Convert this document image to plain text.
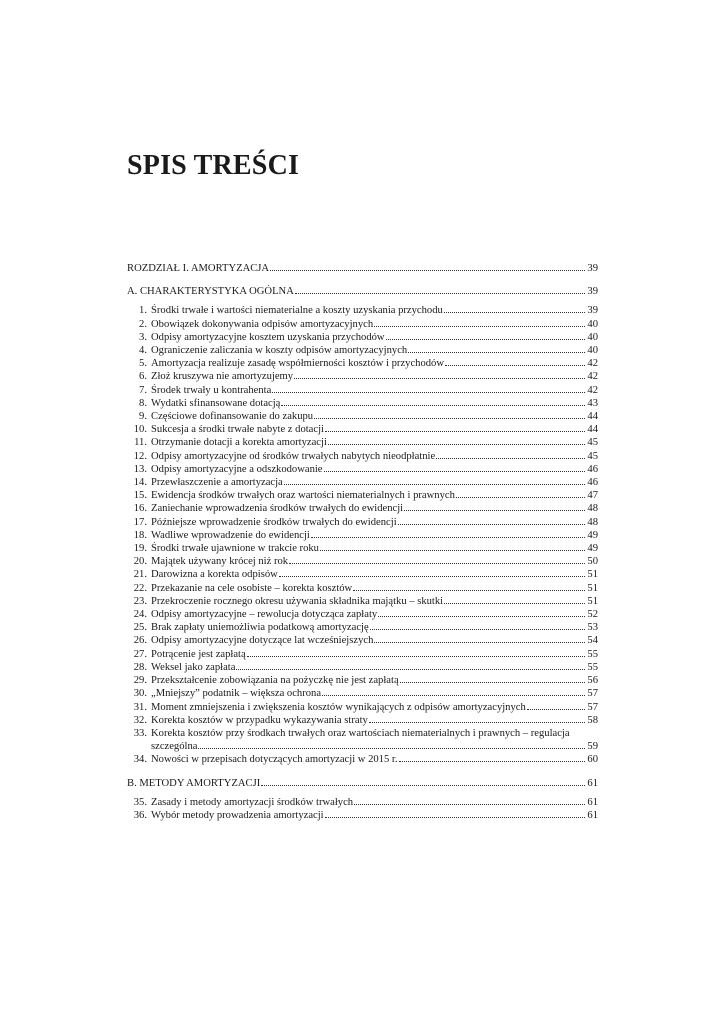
SPIS TREŚCI
ROZDZIAŁ I. AMORTYZACJA	39
A. CHARAKTERYSTYKA OGÓLNA	39
1. Środki trwałe i wartości niematerialne a koszty uzyskania przychodu	39
2. Obowiązek dokonywania odpisów amortyzacyjnych	40
3. Odpisy amortyzacyjne kosztem uzyskania przychodów	40
4. Ograniczenie zaliczania w koszty odpisów amortyzacyjnych	40
5. Amortyzacja realizuje zasadę współmierności kosztów i przychodów	42
6. Złoż kruszywa nie amortyzujemy	42
7. Środek trwały u kontrahenta	42
8. Wydatki sfinansowane dotacją	43
9. Częściowe dofinansowanie do zakupu	44
10. Sukcesja a środki trwałe nabyte z dotacji	44
11. Otrzymanie dotacji a korekta amortyzacji	45
12. Odpisy amortyzacyjne od środków trwałych nabytych nieodpłatnie	45
13. Odpisy amortyzacyjne a odszkodowanie	46
14. Przewłaszczenie a amortyzacja	46
15. Ewidencja środków trwałych oraz wartości niematerialnych i prawnych	47
16. Zaniechanie wprowadzenia środków trwałych do ewidencji	48
17. Późniejsze wprowadzenie środków trwałych do ewidencji	48
18. Wadliwe wprowadzenie do ewidencji	49
19. Środki trwałe ujawnione w trakcie roku	49
20. Majątek używany krócej niż rok	50
21. Darowizna a korekta odpisów	51
22. Przekazanie na cele osobiste – korekta kosztów	51
23. Przekroczenie rocznego okresu używania składnika majątku – skutki	51
24. Odpisy amortyzacyjne – rewolucja dotycząca zapłaty	52
25. Brak zapłaty uniemożliwia podatkową amortyzację	53
26. Odpisy amortyzacyjne dotyczące lat wcześniejszych	54
27. Potrącenie jest zapłatą	55
28. Weksel jako zapłata	55
29. Przekształcenie zobowiązania na pożyczkę nie jest zapłatą	56
30. „Mniejszy” podatnik – większa ochrona	57
31. Moment zmniejszenia i zwiększenia kosztów wynikających z odpisów amortyzacyjnych	57
32. Korekta kosztów w przypadku wykazywania straty	58
33. Korekta kosztów przy środkach trwałych oraz wartościach niematerialnych i prawnych – regulacja
szczególna	59
34. Nowości w przepisach dotyczących amortyzacji w 2015 r.	60
B. METODY AMORTYZACJI	61
35. Zasady i metody amortyzacji środków trwałych	61
36. Wybór metody prowadzenia amortyzacji	61
